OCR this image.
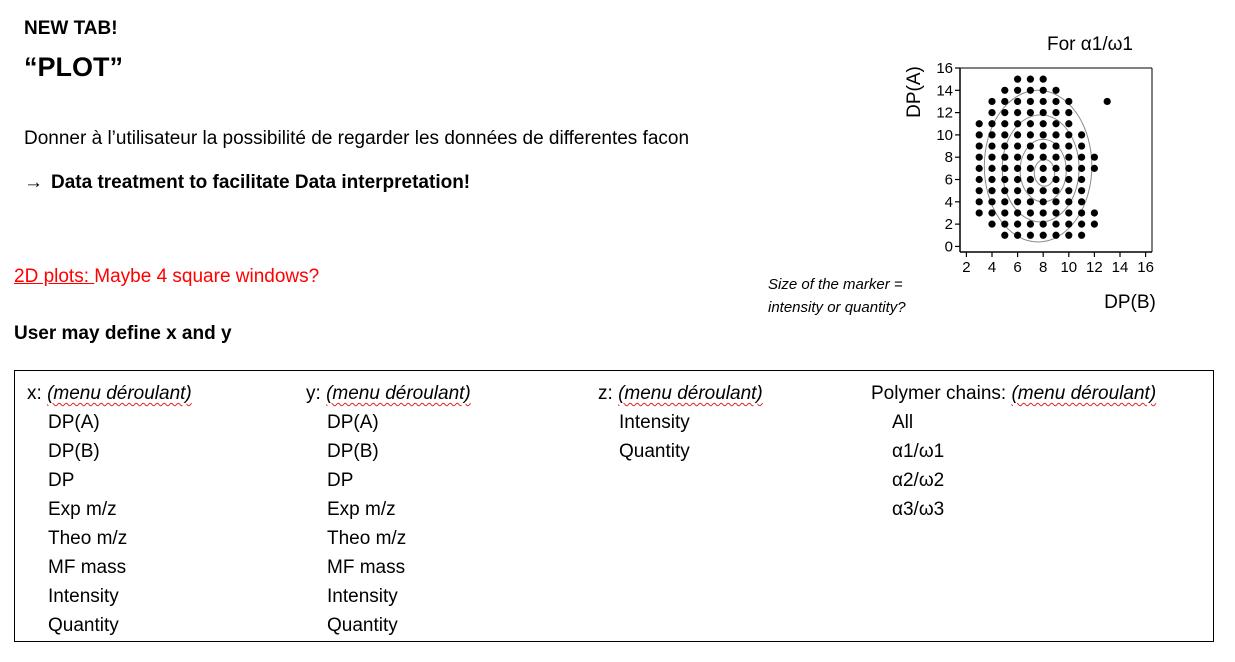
NEW TAB!
“PLOT”
Donner à l’utilisateur la possibilité de regarder les données de differentes facon
→ Data treatment to facilitate Data interpretation!
2D plots: Maybe 4 square windows?
User may define x and y
Size of the marker =
intensity or quantity?
For α1/ω1
0
2
4
6
8
10
12
14
16
2 4 6 8 10 12 14 16
DP(B)
DP(A)
x: (menu déroulant)
DP(A)
DP(B)
DP
Exp m/z
Theo m/z
MF mass
Intensity
Quantity
y: (menu déroulant)
DP(A)
DP(B)
DP
Exp m/z
Theo m/z
MF mass
Intensity
Quantity
z: (menu déroulant)
Intensity
Quantity
Polymer chains: (menu déroulant)
All
α1/ω1
α2/ω2
α3/ω3
